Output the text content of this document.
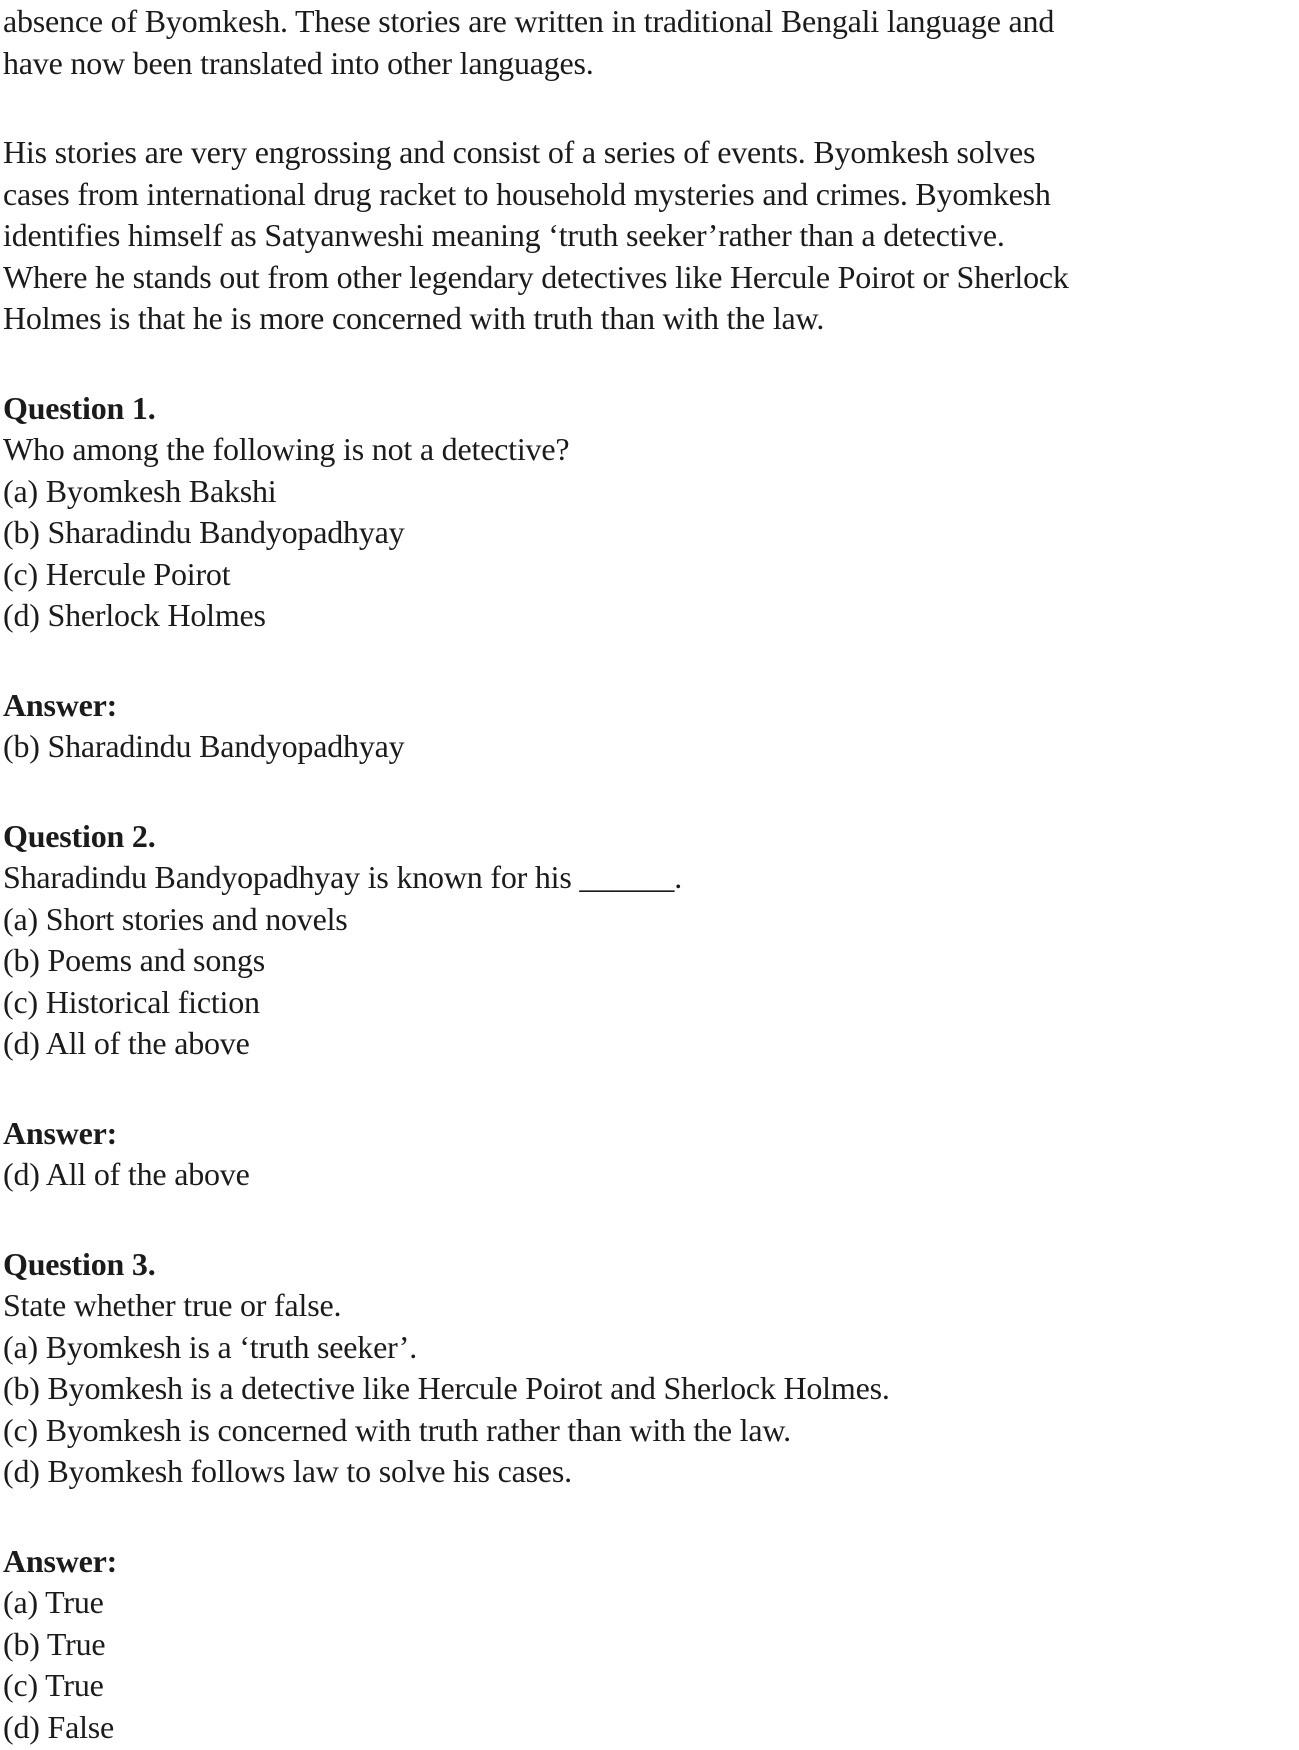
absence of Byomkesh. These stories are written in traditional Bengali language and
have now been translated into other languages.
His stories are very engrossing and consist of a series of events. Byomkesh solves
cases from international drug racket to household mysteries and crimes. Byomkesh
identifies himself as Satyanweshi meaning ‘truth seeker’rather than a detective.
Where he stands out from other legendary detectives like Hercule Poirot or Sherlock
Holmes is that he is more concerned with truth than with the law.
Question 1.
Who among the following is not a detective?
(a) Byomkesh Bakshi
(b) Sharadindu Bandyopadhyay
(c) Hercule Poirot
(d) Sherlock Holmes
Answer:
(b) Sharadindu Bandyopadhyay
Question 2.
Sharadindu Bandyopadhyay is known for his ______.
(a) Short stories and novels
(b) Poems and songs
(c) Historical fiction
(d) All of the above
Answer:
(d) All of the above
Question 3.
State whether true or false.
(a) Byomkesh is a ‘truth seeker’.
(b) Byomkesh is a detective like Hercule Poirot and Sherlock Holmes.
(c) Byomkesh is concerned with truth rather than with the law.
(d) Byomkesh follows law to solve his cases.
Answer:
(a) True
(b) True
(c) True
(d) False
